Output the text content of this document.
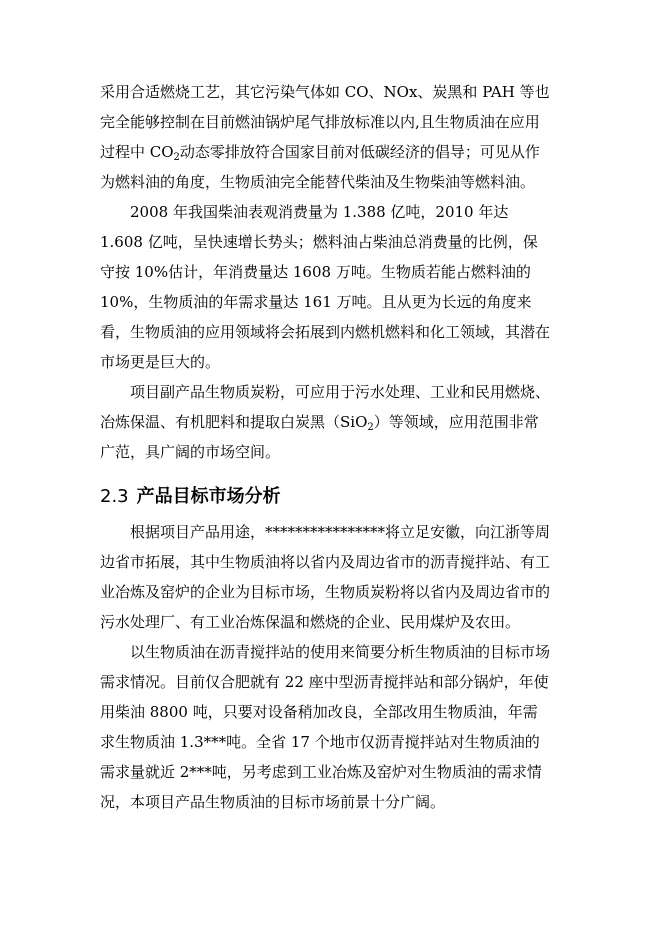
采用合适燃烧工艺，其它污染气体如 CO、NOx、炭黑和 PAH 等也完全能够控制在目前燃油锅炉尾气排放标准以内,且生物质油在应用过程中 $CO_2$动态零排放符合国家目前对低碳经济的倡导；可见从作为燃料油的角度，生物质油完全能替代柴油及生物柴油等燃料油。

2008 年我国柴油表观消费量为 1.388 亿吨，2010 年达 1.608 亿吨，呈快速增长势头；燃料油占柴油总消费量的比例，保守按 10%估计，年消费量达 1608 万吨。生物质若能占燃料油的 10%，生物质油的年需求量达 161 万吨。且从更为长远的角度来看，生物质油的应用领域将会拓展到内燃机燃料和化工领域，其潜在市场更是巨大的。

项目副产品生物质炭粉，可应用于污水处理、工业和民用燃烧、冶炼保温、有机肥料和提取白炭黑（SiO$_2$）等领域，应用范围非常广范，具广阔的市场空间。

2.3 产品目标市场分析

根据项目产品用途，****************将立足安徽，向江浙等周边省市拓展，其中生物质油将以省内及周边省市的沥青搅拌站、有工业冶炼及窑炉的企业为目标市场，生物质炭粉将以省内及周边省市的污水处理厂、有工业冶炼保温和燃烧的企业、民用煤炉及农田。

以生物质油在沥青搅拌站的使用来简要分析生物质油的目标市场需求情况。目前仅合肥就有 22 座中型沥青搅拌站和部分锅炉，年使用柴油 8800 吨，只要对设备稍加改良，全部改用生物质油，年需求生物质油 1.3***吨。全省 17 个地市仅沥青搅拌站对生物质油的需求量就近 2***吨，另考虑到工业冶炼及窑炉对生物质油的需求情况，本项目产品生物质油的目标市场前景十分广阔。
